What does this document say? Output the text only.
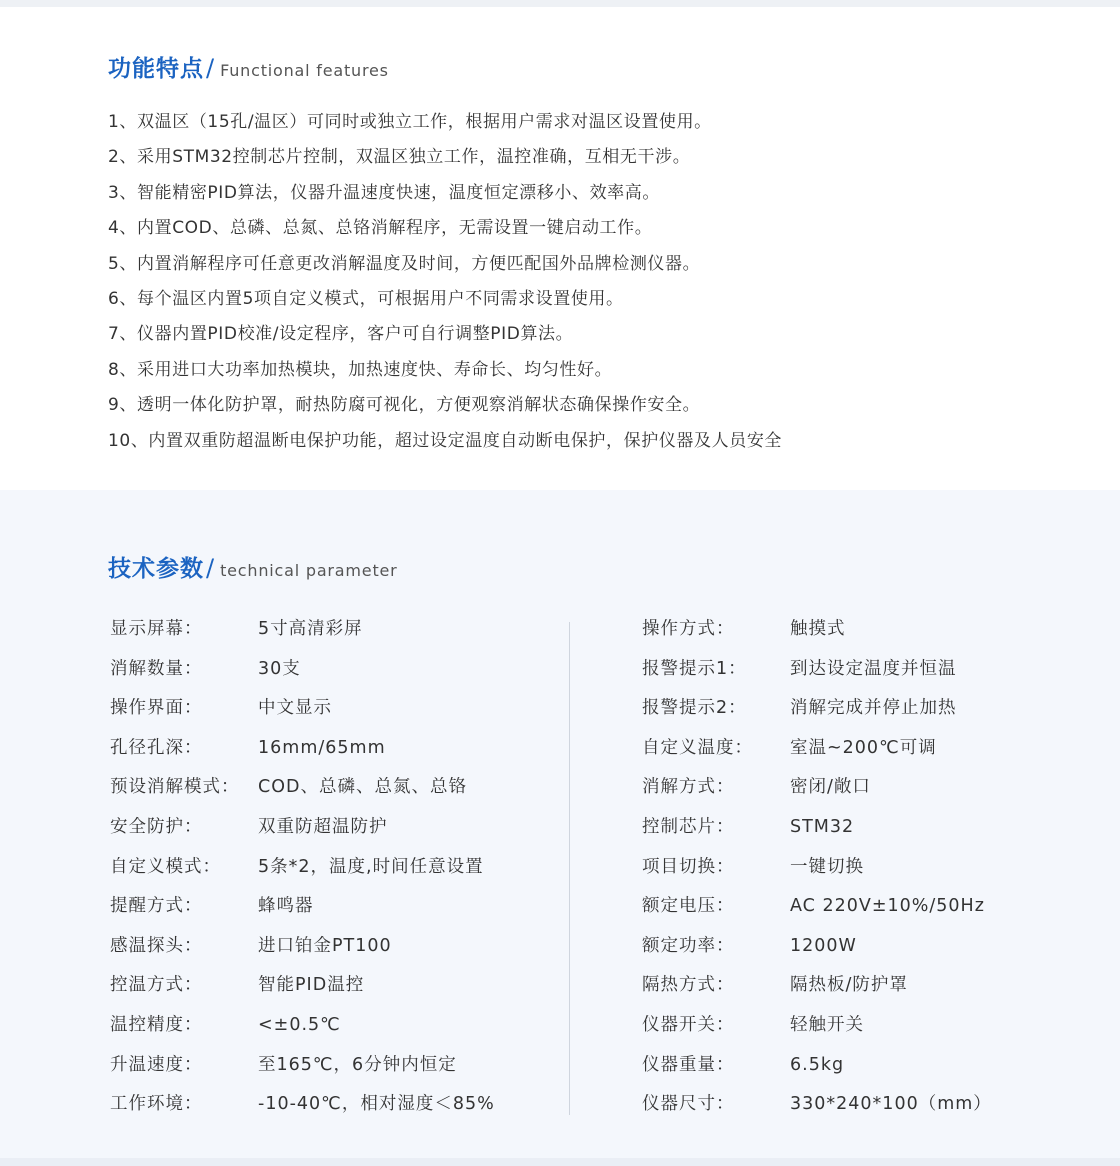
功能特点 / Functional features
1、双温区（15孔/温区）可同时或独立工作，根据用户需求对温区设置使用。
2、采用STM32控制芯片控制，双温区独立工作，温控准确，互相无干涉。
3、智能精密PID算法，仪器升温速度快速，温度恒定漂移小、效率高。
4、内置COD、总磷、总氮、总铬消解程序，无需设置一键启动工作。
5、内置消解程序可任意更改消解温度及时间，方便匹配国外品牌检测仪器。
6、每个温区内置5项自定义模式，可根据用户不同需求设置使用。
7、仪器内置PID校准/设定程序，客户可自行调整PID算法。
8、采用进口大功率加热模块，加热速度快、寿命长、均匀性好。
9、透明一体化防护罩，耐热防腐可视化，方便观察消解状态确保操作安全。
10、内置双重防超温断电保护功能，超过设定温度自动断电保护，保护仪器及人员安全
技术参数 / technical parameter
显示屏幕：	5寸高清彩屏
消解数量：	30支
操作界面：	中文显示
孔径孔深：	16mm/65mm
预设消解模式：	COD、总磷、总氮、总铬
安全防护：	双重防超温防护
自定义模式：	5条*2，温度,时间任意设置
提醒方式：	蜂鸣器
感温探头：	进口铂金PT100
控温方式：	智能PID温控
温控精度：	<±0.5℃
升温速度：	至165℃，6分钟内恒定
工作环境：	-10-40℃，相对湿度＜85%
操作方式：	触摸式
报警提示1：	到达设定温度并恒温
报警提示2：	消解完成并停止加热
自定义温度：	室温~200℃可调
消解方式：	密闭/敞口
控制芯片：	STM32
项目切换：	一键切换
额定电压：	AC 220V±10%/50Hz
额定功率：	1200W
隔热方式：	隔热板/防护罩
仪器开关：	轻触开关
仪器重量：	6.5kg
仪器尺寸：	330*240*100（mm）
